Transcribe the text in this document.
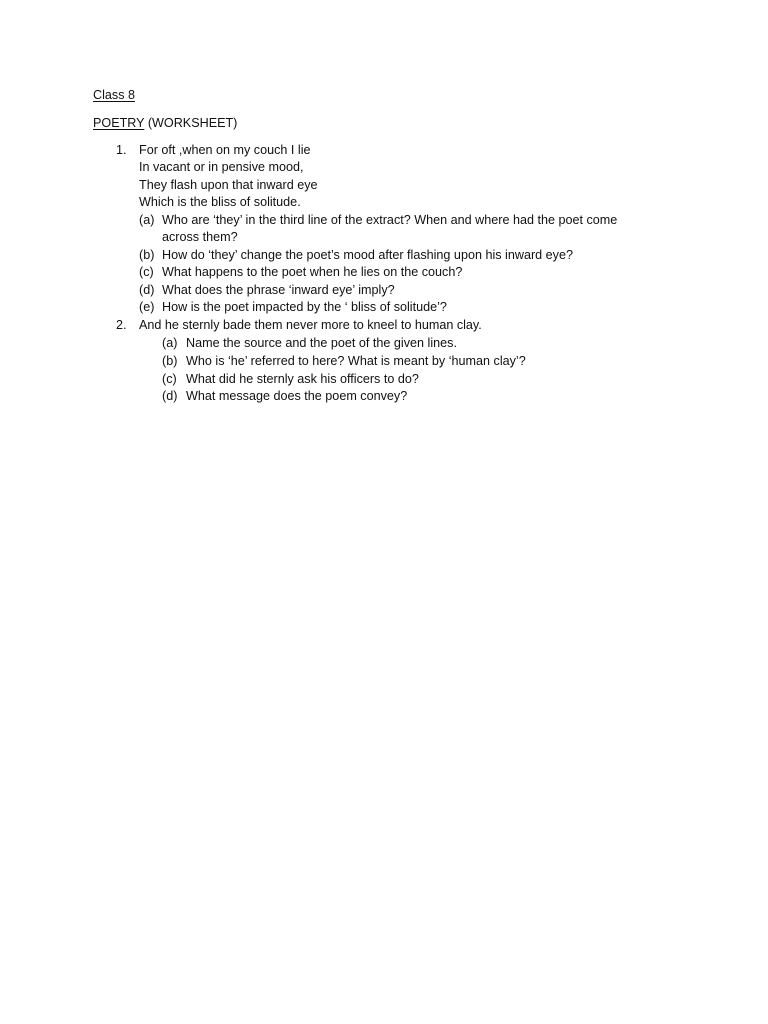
Class 8
POETRY (WORKSHEET)
1. For oft ,when on my couch I lie
In vacant or in pensive mood,
They flash upon that inward eye
Which is the bliss of solitude.
(a) Who are ‘they’ in the third line of the extract? When and where had the poet come
across them?
(b) How do ‘they’ change the poet’s mood after flashing upon his inward eye?
(c) What happens to the poet when he lies on the couch?
(d) What does the phrase ‘inward eye’ imply?
(e) How is the poet impacted by the ‘ bliss of solitude’?
2. And he sternly bade them never more to kneel to human clay.
(a) Name the source and the poet of the given lines.
(b) Who is ‘he’ referred to here? What is meant by ‘human clay’?
(c) What did he sternly ask his officers to do?
(d) What message does the poem convey?
